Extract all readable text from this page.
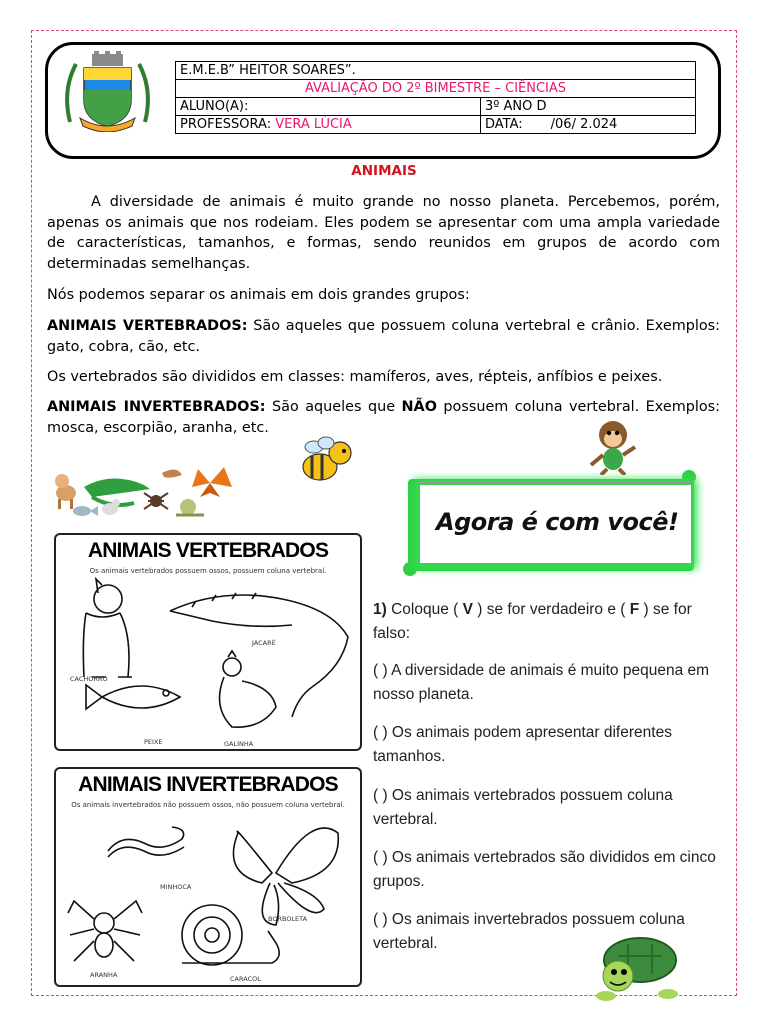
E.M.E.B” HEITOR SOARES”.	
AVALIAÇÃO DO 2º BIMESTRE – CIÊNCIAS	
ALUNO(A):	3º ANO D
PROFESSORA: VERA LÚCIA	DATA: /06/ 2.024

ANIMAIS

A diversidade de animais é muito grande no nosso planeta. Percebemos, porém, apenas os animais que nos rodeiam. Eles podem se apresentar com uma ampla variedade de características, tamanhos, e formas, sendo reunidos em grupos de acordo com determinadas semelhanças.

Nós podemos separar os animais em dois grandes grupos:

ANIMAIS VERTEBRADOS: São aqueles que possuem coluna vertebral e crânio. Exemplos: gato, cobra, cão, etc.

Os vertebrados são divididos em classes: mamíferos, aves, répteis, anfíbios e peixes.

ANIMAIS INVERTEBRADOS: São aqueles que NÃO possuem coluna vertebral. Exemplos: mosca, escorpião, aranha, etc.

Agora é com você!
1) Coloque ( V ) se for verdadeiro e ( F ) se for falso:
( ) A diversidade de animais é muito pequena em nosso planeta.
( ) Os animais podem apresentar diferentes tamanhos.
( ) Os animais vertebrados possuem coluna vertebral.
( ) Os animais vertebrados são divididos em cinco grupos.
( ) Os animais invertebrados possuem coluna vertebral.
ANIMAIS VERTEBRADOS
Os animais vertebrados possuem ossos, possuem coluna vertebral.
CACHORRO
JACARÉ
PEIXE	GALINHA
ANIMAIS INVERTEBRADOS
Os animais invertebrados não possuem ossos, não possuem coluna vertebral.
MINHOCA
BORBOLETA
ARANHA	CARACOL
